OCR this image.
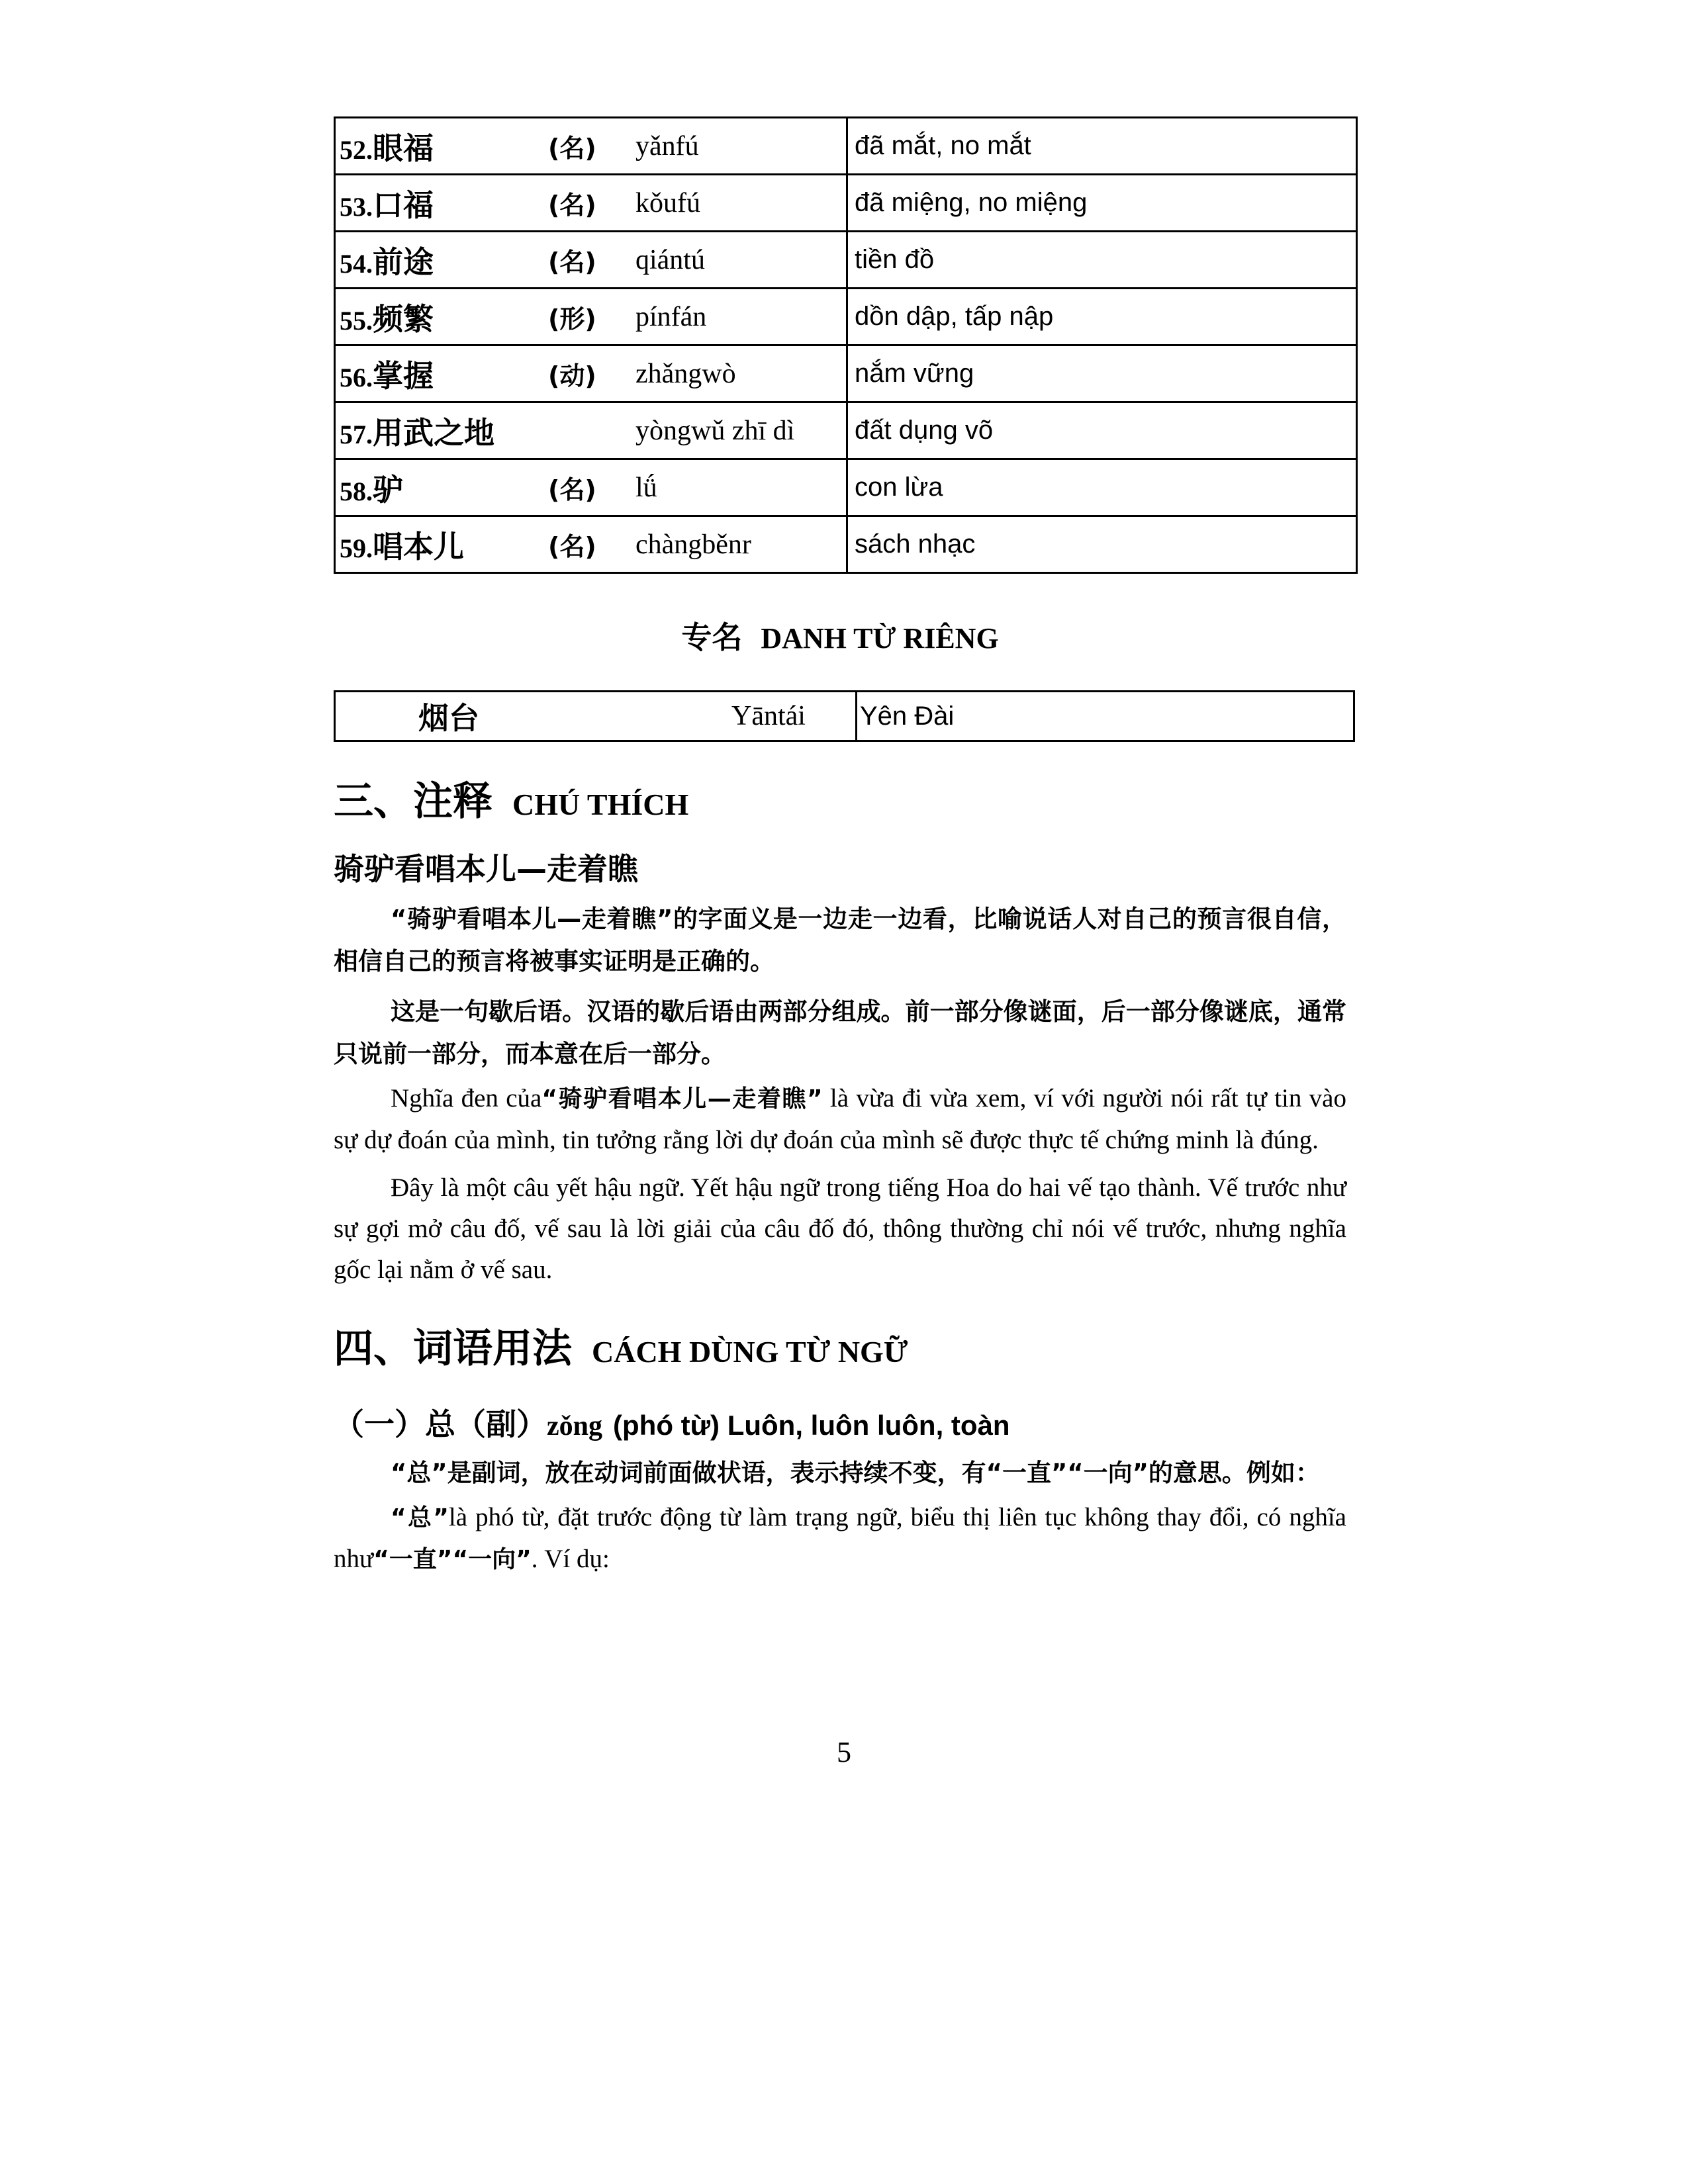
52.眼福	(名)	yǎnfú	đã mắt, no mắt
53.口福	(名)	kǒufú	đã miệng, no miệng
54.前途	(名)	qiántú	tiền đồ
55.频繁	(形)	pínfán	dồn dập, tấp nập
56.掌握	(动)	zhǎngwò	nắm vững
57.用武之地		yòngwǔ zhī dì	đất dụng võ
58.驴	(名)	lǘ	con lừa
59.唱本儿	(名)	chàngběnr	sách nhạc
专名 DANH TỪ RIÊNG
烟台	Yāntái	Yên Đài
三、注释 CHÚ THÍCH
骑驴看唱本儿—走着瞧

“骑驴看唱本儿—走着瞧”的字面义是一边走一边看，比喻说话人对自己的预言很自信，相信自己的预言将被事实证明是正确的。

这是一句歇后语。汉语的歇后语由两部分组成。前一部分像谜面，后一部分像谜底，通常只说前一部分，而本意在后一部分。

Nghĩa đen của“骑驴看唱本儿—走着瞧” là vừa đi vừa xem, ví với người nói rất tự tin vào sự dự đoán của mình, tin tưởng rằng lời dự đoán của mình sẽ được thực tế chứng minh là đúng.

Đây là một câu yết hậu ngữ. Yết hậu ngữ trong tiếng Hoa do hai vế tạo thành. Vế trước như sự gợi mở câu đố, vế sau là lời giải của câu đố đó, thông thường chỉ nói vế trước, nhưng nghĩa gốc lại nằm ở vế sau.

四、词语用法 CÁCH DÙNG TỪ NGỮ
（一）总（副）zǒng (phó từ) Luôn, luôn luôn, toàn

“总”是副词，放在动词前面做状语，表示持续不变，有“一直”“一向”的意思。例如：

“总”là phó từ, đặt trước động từ làm trạng ngữ, biểu thị liên tục không thay đổi, có nghĩa như“一直”“一向”. Ví dụ:

5
